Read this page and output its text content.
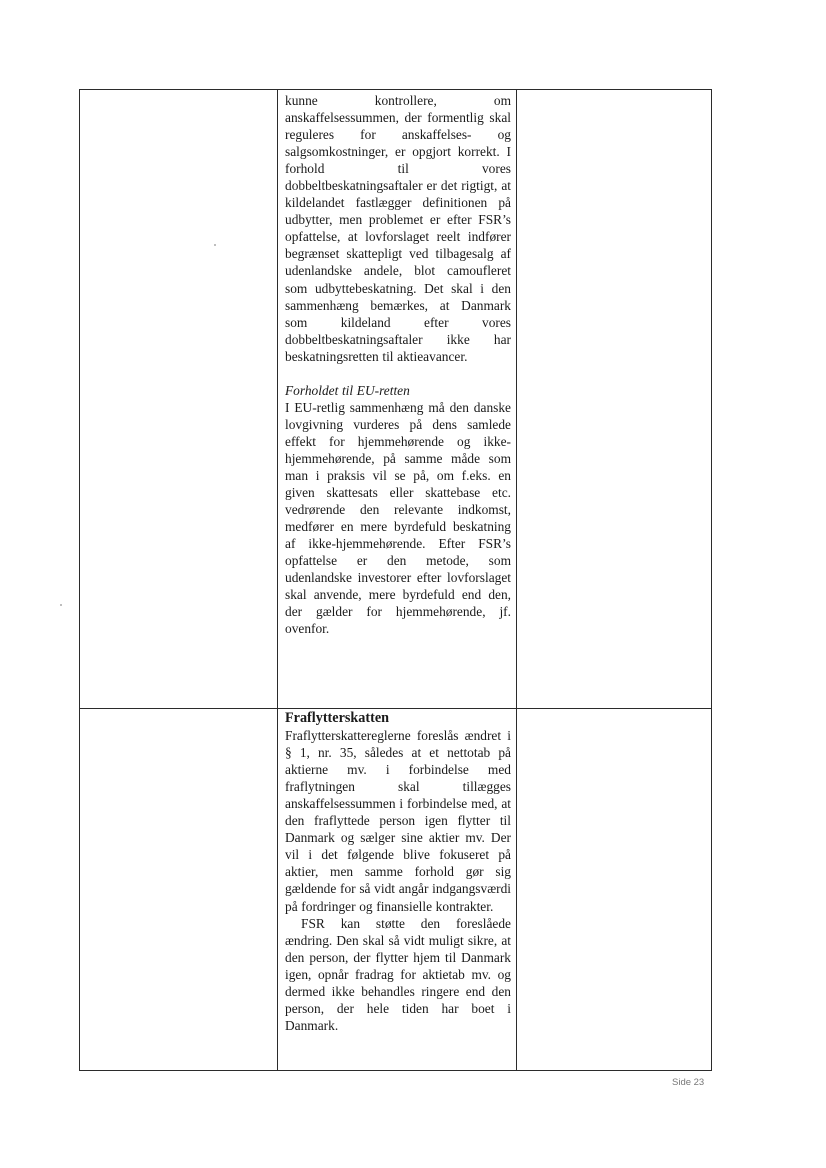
kunne kontrollere, om anskaffelsessummen, der formentlig skal reguleres for anskaffelses- og salgsomkostninger, er opgjort korrekt. I forhold til vores dobbeltbeskatningsaftaler er det rigtigt, at kildelandet fastlægger definitionen på udbytter, men problemet er efter FSR’s opfattelse, at lovforslaget reelt indfører begrænset skattepligt ved tilbagesalg af udenlandske andele, blot camoufleret som udbyttebeskatning. Det skal i den sammenhæng bemærkes, at Danmark som kildeland efter vores dobbeltbeskatningsaftaler ikke har beskatningsretten til aktieavancer.

Forholdet til EU-retten

I EU-retlig sammenhæng må den danske lovgivning vurderes på dens samlede effekt for hjemmehørende og ikke-hjemmehørende, på samme måde som man i praksis vil se på, om f.eks. en given skattesats eller skattebase etc. vedrørende den relevante indkomst, medfører en mere byrdefuld beskatning af ikke-hjemmehørende. Efter FSR’s opfattelse er den metode, som udenlandske investorer efter lovforslaget skal anvende, mere byrdefuld end den, der gælder for hjemmehørende, jf. ovenfor.

Fraflytterskatten

Fraflytterskattereglerne foreslås ændret i § 1, nr. 35, således at et nettotab på aktierne mv. i forbindelse med fraflytningen skal tillægges anskaffelsessummen i forbindelse med, at den fraflyttede person igen flytter til Danmark og sælger sine aktier mv. Der vil i det følgende blive fokuseret på aktier, men samme forhold gør sig gældende for så vidt angår indgangsværdi på fordringer og finansielle kontrakter.

FSR kan støtte den foreslåede ændring. Den skal så vidt muligt sikre, at den person, der flytter hjem til Danmark igen, opnår fradrag for aktietab mv. og dermed ikke behandles ringere end den person, der hele tiden har boet i Danmark.

Side 23
